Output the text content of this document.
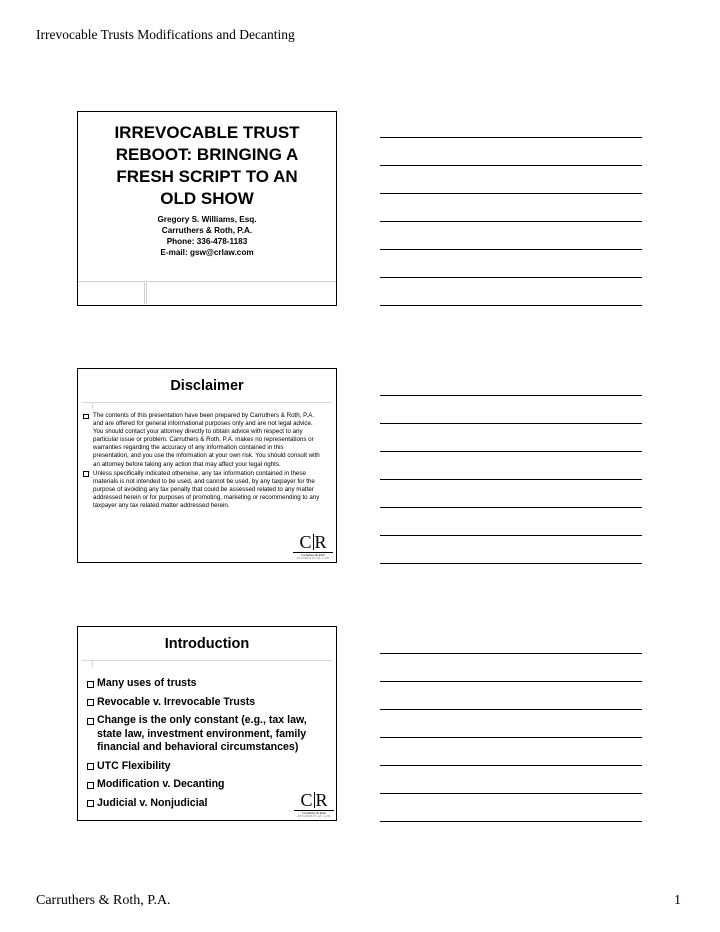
Irrevocable Trusts Modifications and Decanting
IRREVOCABLE TRUST
REBOOT: BRINGING A
FRESH SCRIPT TO AN
OLD SHOW
Gregory S. Williams, Esq.
Carruthers & Roth, P.A.
Phone: 336-478-1183
E-mail: gsw@crlaw.com
Disclaimer
The contents of this presentation have been prepared by Carruthers & Roth, P.A. and are offered for general informational purposes only and are not legal advice. You should contact your attorney directly to obtain advice with respect to any particular issue or problem. Carruthers & Roth, P.A. makes no representations or warranties regarding the accuracy of any information contained in this presentation, and you use the information at your own risk. You should consult with an attorney before taking any action that may affect your legal rights.
Unless specifically indicated otherwise, any tax information contained in these materials is not intended to be used, and cannot be used, by any taxpayer for the purpose of avoiding any tax penalty that could be assessed related to any matter addressed herein or for purposes of promoting, marketing or recommending to any taxpayer any tax related matter addressed herein.
C R
Carruthers & Roth
ATTORNEYS AT LAW
Introduction
Many uses of trusts
Revocable v. Irrevocable Trusts
Change is the only constant (e.g., tax law, state law, investment environment, family financial and behavioral circumstances)
UTC Flexibility
Modification v. Decanting
Judicial v. Nonjudicial	C R
Carruthers & Roth
ATTORNEYS AT LAW
Carruthers & Roth, P.A.	1
